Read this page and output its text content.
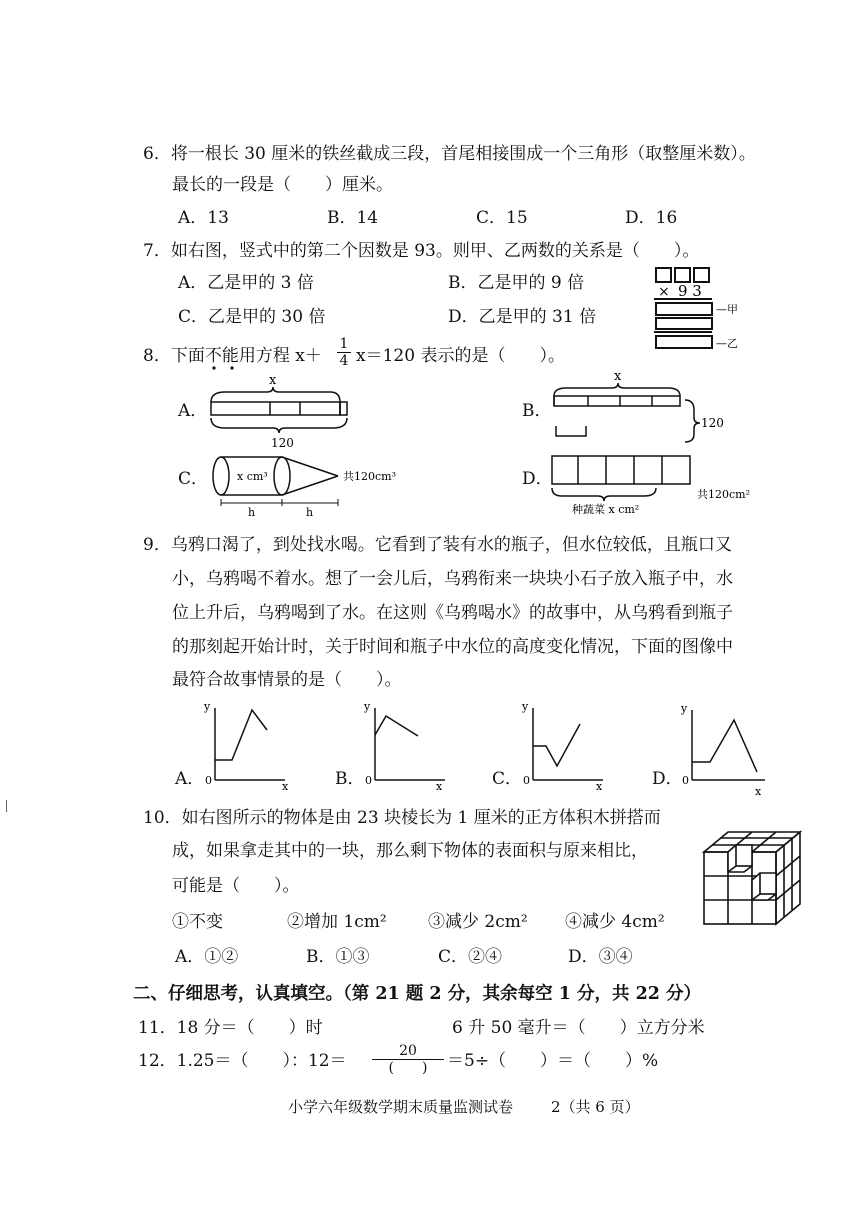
6．将一根长 30 厘米的铁丝截成三段，首尾相接围成一个三角形（取整厘米数）。
最长的一段是（　　）厘米。
A．13	B．14	C．15	D．16
7．如右图，竖式中的第二个因数是 93。则甲、乙两数的关系是（　　）。
A．乙是甲的 3 倍	B．乙是甲的 9 倍
C．乙是甲的 30 倍	D．乙是甲的 31 倍
× 9 3
—甲
—乙
8．下面不能用方程 $x+ \frac{1}{4} x=120$ 表示的是（　　）。
A．
x
120
B．
x
120
C．	x cm³	共120cm³
h	h
D．
种蔬菜 x cm²
共120cm²
9．乌鸦口渴了，到处找水喝。它看到了装有水的瓶子，但水位较低，且瓶口又
小，乌鸦喝不着水。想了一会儿后，乌鸦衔来一块块小石子放入瓶子中，水
位上升后，乌鸦喝到了水。在这则《乌鸦喝水》的故事中，从乌鸦看到瓶子
的那刻起开始计时，关于时间和瓶子中水位的高度变化情况，下面的图像中
最符合故事情景的是（　　）。
A．
y
x
0	B．
y
x
0	C．
y
x
0	D．
y
x
0
10．如右图所示的物体是由 23 块棱长为 1 厘米的正方体积木拼搭而
成，如果拿走其中的一块，那么剩下物体的表面积与原来相比，
可能是（　　）。
①不变	②增加 1cm² ③减少 2cm² ④减少 4cm²
A．①②	B．①③	C．②④	D．③④
二、仔细思考，认真填空。（第 21 题 2 分，其余每空 1 分，共 22 分）
11．18 分＝（　　）时	6 升 50 毫升＝（　　）立方分米
12．1.25＝（　　）：12＝	20
(　　)	＝5÷（　　）＝（　　）%
小学六年级数学期末质量监测试卷	2（共 6 页）
